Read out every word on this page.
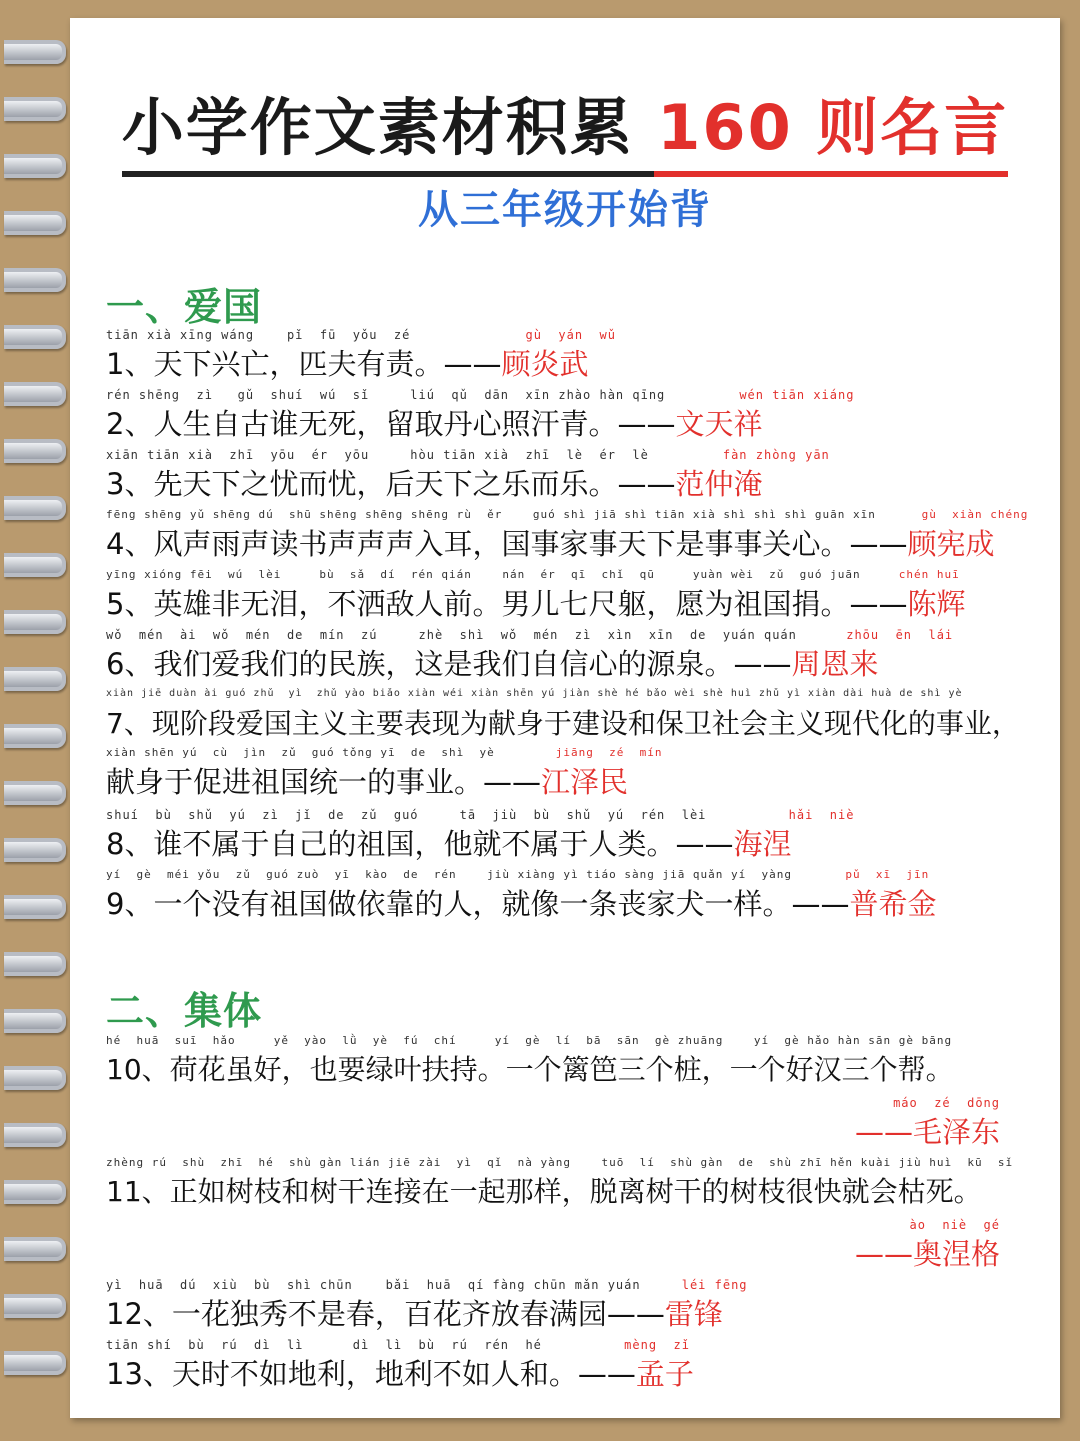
小学作文素材积累 160 则名言
从三年级开始背
一、爱国
tiān xià xīng wáng    pǐ  fū  yǒu  zé	gù  yán  wǔ
1、天下兴亡，匹夫有责。——顾炎武
rén shēng  zì   gǔ  shuí  wú  sǐ     liú  qǔ  dān  xīn zhào hàn qīng	wén tiān xiáng
2、人生自古谁无死，留取丹心照汗青。——文天祥
xiān tiān xià  zhī  yōu  ér  yōu     hòu tiān xià  zhī  lè  ér  lè	fàn zhòng yān
3、先天下之忧而忧，后天下之乐而乐。——范仲淹
fēng shēng yǔ shēng dú  shū shēng shēng shēng rù  ěr    guó shì jiā shì tiān xià shì shì shì guān xīn	gù  xiàn chéng
4、风声雨声读书声声声入耳，国事家事天下是事事关心。——顾宪成
yīng xióng fēi  wú  lèi     bù  sǎ  dí  rén qián    nán  ér  qī  chǐ  qū     yuàn wèi  zǔ  guó juān	chén huī
5、英雄非无泪，不洒敌人前。男儿七尺躯，愿为祖国捐。——陈辉
wǒ  mén  ài  wǒ  mén  de  mín  zú     zhè  shì  wǒ  mén  zì  xìn  xīn  de  yuán quán	zhōu  ēn  lái
6、我们爱我们的民族，这是我们自信心的源泉。——周恩来
xiàn jiē duàn ài guó zhǔ  yì  zhǔ yào biǎo xiàn wéi xiàn shēn yú jiàn shè hé bǎo wèi shè huì zhǔ yì xiàn dài huà de shì yè
7、现阶段爱国主义主要表现为献身于建设和保卫社会主义现代化的事业，
xiàn shēn yú  cù  jìn  zǔ  guó tǒng yī  de  shì  yè	jiāng  zé  mín
献身于促进祖国统一的事业。——江泽民
shuí  bù  shǔ  yú  zì  jǐ  de  zǔ  guó     tā  jiù  bù  shǔ  yú  rén  lèi	hǎi  niè
8、谁不属于自己的祖国，他就不属于人类。——海涅
yí  gè  méi yǒu  zǔ  guó zuò  yī  kào  de  rén    jiù xiàng yì tiáo sàng jiā quǎn yí  yàng	pǔ  xī  jīn
9、一个没有祖国做依靠的人，就像一条丧家犬一样。——普希金
二、集体
hé  huā  suī  hǎo     yě  yào  lǜ  yè  fú  chí     yí  gè  lí  bā  sān  gè zhuāng    yí  gè hǎo hàn sān gè bāng
10、荷花虽好，也要绿叶扶持。一个篱笆三个桩，一个好汉三个帮。
máo  zé  dōng
——毛泽东
zhèng rú  shù  zhī  hé  shù gàn lián jiē zài  yì  qǐ  nà yàng    tuō  lí  shù gàn  de  shù zhī hěn kuài jiù huì  kū  sǐ
11、正如树枝和树干连接在一起那样，脱离树干的树枝很快就会枯死。
ào  niè  gé
——奥涅格
yì  huā  dú  xiù  bù  shì chūn    bǎi  huā  qí fàng chūn mǎn yuán	léi fēng
12、一花独秀不是春，百花齐放春满园——雷锋
tiān shí  bù  rú  dì  lì      dì  lì  bù  rú  rén  hé	mèng  zǐ
13、天时不如地利，地利不如人和。——孟子
